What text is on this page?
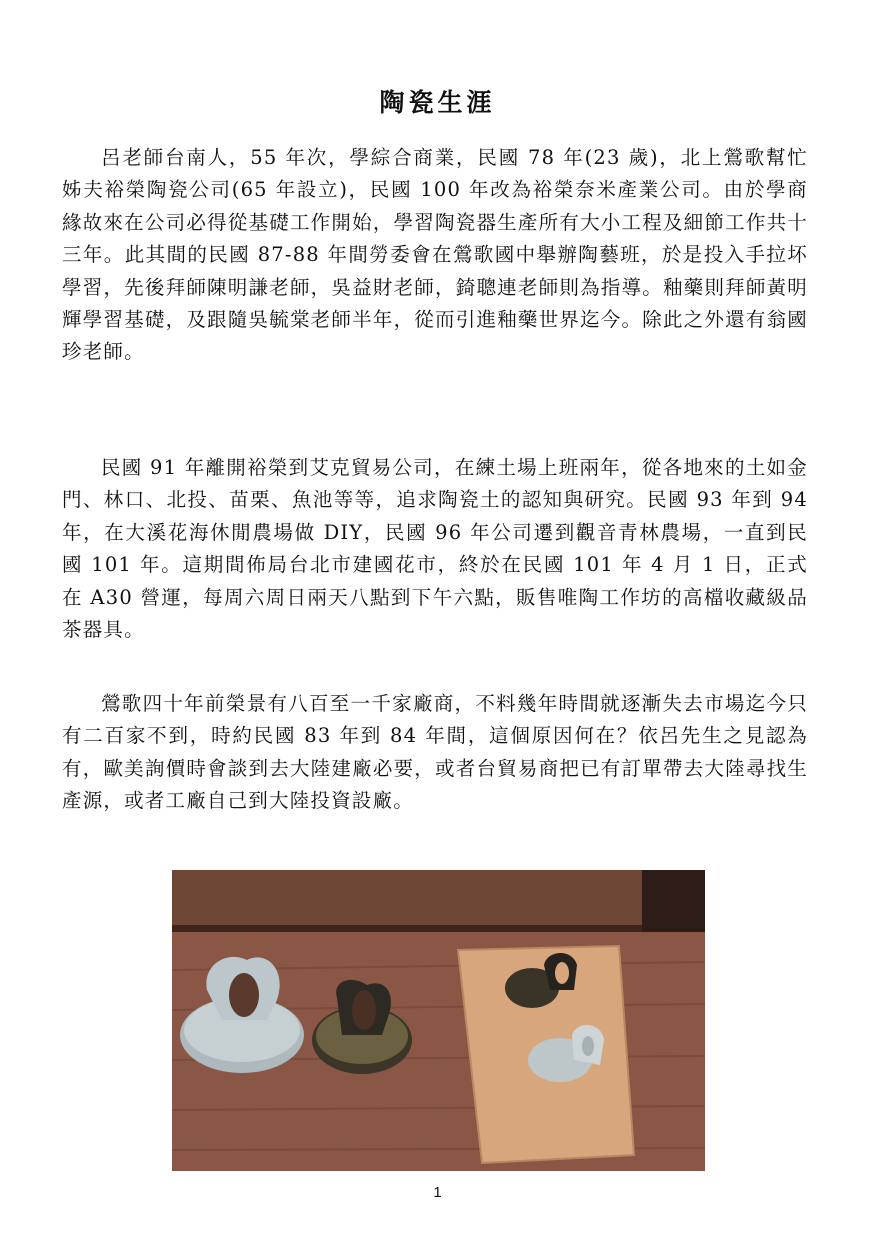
陶瓷生涯

呂老師台南人，55 年次，學綜合商業，民國 78 年(23 歲)，北上鶯歌幫忙姊夫裕榮陶瓷公司(65 年設立)，民國 100 年改為裕榮奈米產業公司。由於學商緣故來在公司必得從基礎工作開始，學習陶瓷器生產所有大小工程及細節工作共十三年。此其間的民國 87-88 年間勞委會在鶯歌國中舉辦陶藝班，於是投入手拉坏學習，先後拜師陳明謙老師，吳益財老師，錡聰連老師則為指導。釉藥則拜師黃明輝學習基礎，及跟隨吳毓棠老師半年，從而引進釉藥世界迄今。除此之外還有翁國珍老師。

民國 91 年離開裕榮到艾克貿易公司，在練土場上班兩年，從各地來的土如金門、林口、北投、苗栗、魚池等等，追求陶瓷土的認知與研究。民國 93 年到 94 年，在大溪花海休閒農場做 DIY，民國 96 年公司遷到觀音青林農場，一直到民國 101 年。這期間佈局台北市建國花市，終於在民國 101 年 4 月 1 日，正式在 A30 營運，每周六周日兩天八點到下午六點，販售唯陶工作坊的高檔收藏級品茶器具。

鶯歌四十年前榮景有八百至一千家廠商，不料幾年時間就逐漸失去市場迄今只有二百家不到，時約民國 83 年到 84 年間，這個原因何在？依呂先生之見認為有，歐美詢價時會談到去大陸建廠必要，或者台貿易商把已有訂單帶去大陸尋找生產源，或者工廠自己到大陸投資設廠。

1
